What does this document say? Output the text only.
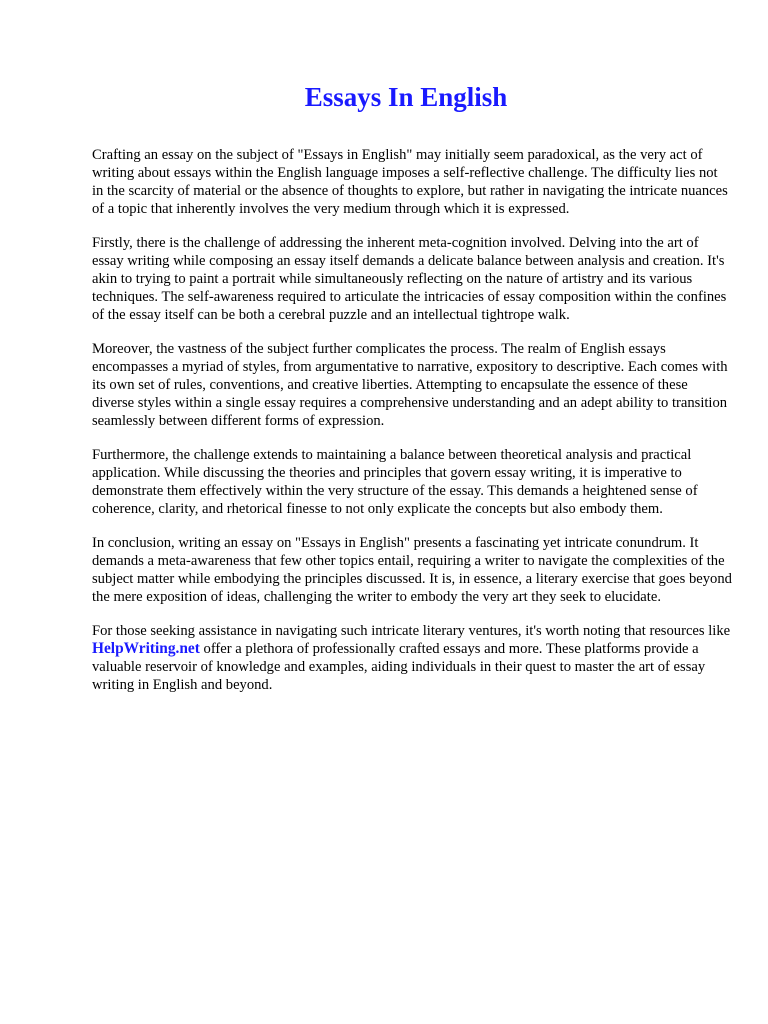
Essays In English

Crafting an essay on the subject of "Essays in English" may initially seem paradoxical, as the very act of writing about essays within the English language imposes a self-reflective challenge. The difficulty lies not in the scarcity of material or the absence of thoughts to explore, but rather in navigating the intricate nuances of a topic that inherently involves the very medium through which it is expressed.

Firstly, there is the challenge of addressing the inherent meta-cognition involved. Delving into the art of essay writing while composing an essay itself demands a delicate balance between analysis and creation. It's akin to trying to paint a portrait while simultaneously reflecting on the nature of artistry and its various techniques. The self-awareness required to articulate the intricacies of essay composition within the confines of the essay itself can be both a cerebral puzzle and an intellectual tightrope walk.

Moreover, the vastness of the subject further complicates the process. The realm of English essays encompasses a myriad of styles, from argumentative to narrative, expository to descriptive. Each comes with its own set of rules, conventions, and creative liberties. Attempting to encapsulate the essence of these diverse styles within a single essay requires a comprehensive understanding and an adept ability to transition seamlessly between different forms of expression.

Furthermore, the challenge extends to maintaining a balance between theoretical analysis and practical application. While discussing the theories and principles that govern essay writing, it is imperative to demonstrate them effectively within the very structure of the essay. This demands a heightened sense of coherence, clarity, and rhetorical finesse to not only explicate the concepts but also embody them.

In conclusion, writing an essay on "Essays in English" presents a fascinating yet intricate conundrum. It demands a meta-awareness that few other topics entail, requiring a writer to navigate the complexities of the subject matter while embodying the principles discussed. It is, in essence, a literary exercise that goes beyond the mere exposition of ideas, challenging the writer to embody the very art they seek to elucidate.

For those seeking assistance in navigating such intricate literary ventures, it's worth noting that resources like HelpWriting.net offer a plethora of professionally crafted essays and more. These platforms provide a valuable reservoir of knowledge and examples, aiding individuals in their quest to master the art of essay writing in English and beyond.
